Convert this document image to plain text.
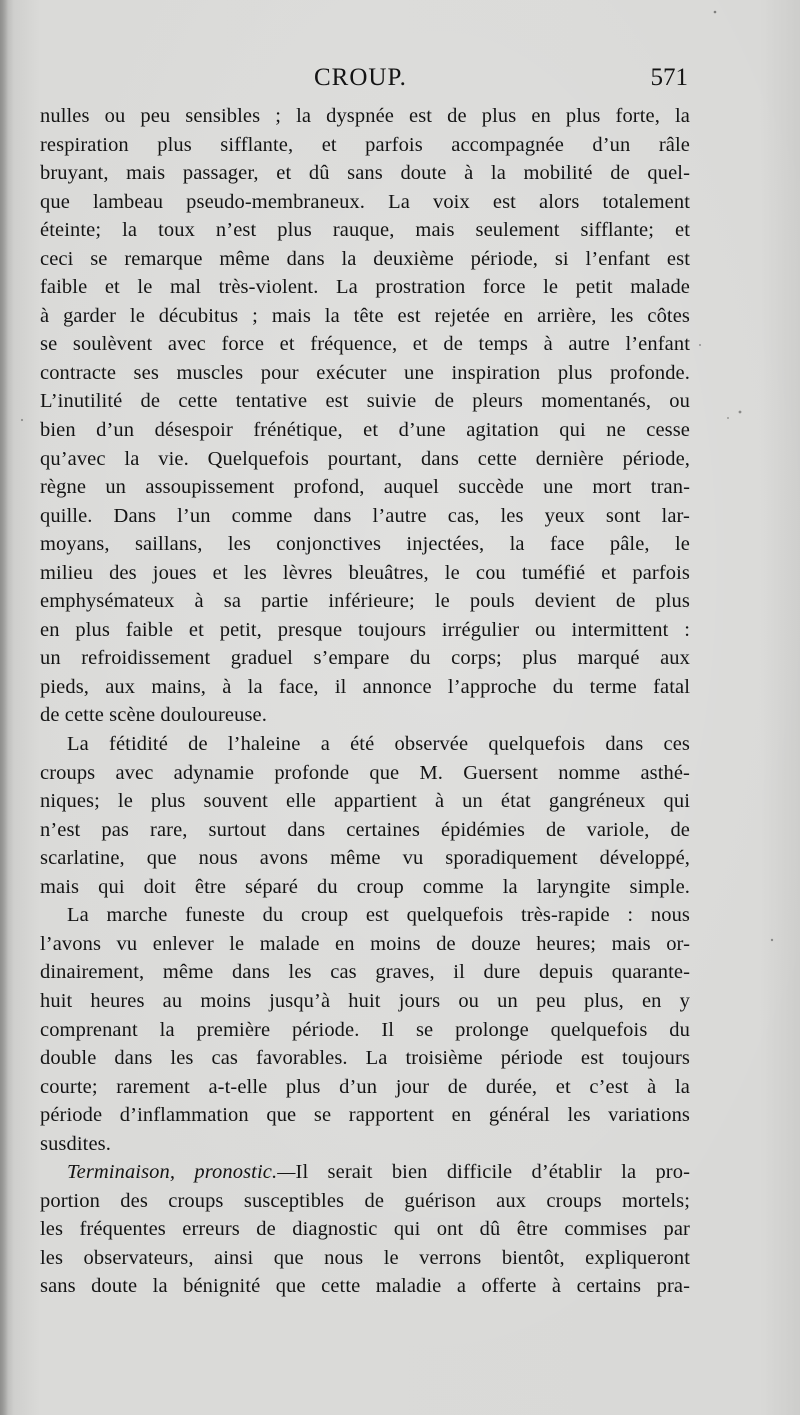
CROUP.	571
nulles ou peu sensibles ; la dyspnée est de plus en plus forte, la
respiration plus sifflante, et parfois accompagnée d’un râle
bruyant, mais passager, et dû sans doute à la mobilité de quel-
que lambeau pseudo-membraneux. La voix est alors totalement
éteinte; la toux n’est plus rauque, mais seulement sifflante; et
ceci se remarque même dans la deuxième période, si l’enfant est
faible et le mal très-violent. La prostration force le petit malade
à garder le décubitus ; mais la tête est rejetée en arrière, les côtes
se soulèvent avec force et fréquence, et de temps à autre l’enfant
contracte ses muscles pour exécuter une inspiration plus profonde.
L’inutilité de cette tentative est suivie de pleurs momentanés, ou
bien d’un désespoir frénétique, et d’une agitation qui ne cesse
qu’avec la vie. Quelquefois pourtant, dans cette dernière période,
règne un assoupissement profond, auquel succède une mort tran-
quille. Dans l’un comme dans l’autre cas, les yeux sont lar-
moyans, saillans, les conjonctives injectées, la face pâle, le
milieu des joues et les lèvres bleuâtres, le cou tuméfié et parfois
emphysémateux à sa partie inférieure; le pouls devient de plus
en plus faible et petit, presque toujours irrégulier ou intermittent :
un refroidissement graduel s’empare du corps; plus marqué aux
pieds, aux mains, à la face, il annonce l’approche du terme fatal
de cette scène douloureuse.
La fétidité de l’haleine a été observée quelquefois dans ces
croups avec adynamie profonde que M. Guersent nomme asthé-
niques; le plus souvent elle appartient à un état gangréneux qui
n’est pas rare, surtout dans certaines épidémies de variole, de
scarlatine, que nous avons même vu sporadiquement développé,
mais qui doit être séparé du croup comme la laryngite simple.
La marche funeste du croup est quelquefois très-rapide : nous
l’avons vu enlever le malade en moins de douze heures; mais or-
dinairement, même dans les cas graves, il dure depuis quarante-
huit heures au moins jusqu’à huit jours ou un peu plus, en y
comprenant la première période. Il se prolonge quelquefois du
double dans les cas favorables. La troisième période est toujours
courte; rarement a-t-elle plus d’un jour de durée, et c’est à la
période d’inflammation que se rapportent en général les variations
susdites.
Terminaison, pronostic.—Il serait bien difficile d’établir la pro-
portion des croups susceptibles de guérison aux croups mortels;
les fréquentes erreurs de diagnostic qui ont dû être commises par
les observateurs, ainsi que nous le verrons bientôt, expliqueront
sans doute la bénignité que cette maladie a offerte à certains pra-
